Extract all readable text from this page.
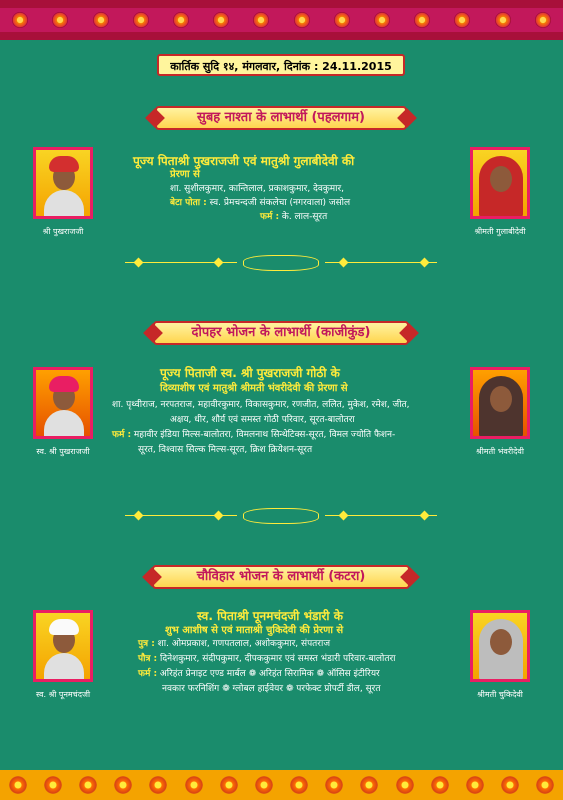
कार्तिक सुदि १४, मंगलवार, दिनांक : 24.11.2015
सुबह नाश्ता के लाभार्थी (पहलगाम)
श्री पुखराजजी	श्रीमती गुलाबीदेवी
पूज्य पिताश्री पुखराजजी एवं मातुश्री गुलाबीदेवी की
प्रेरणा से
शा. सुशीलकुमार, कान्तिलाल, प्रकाशकुमार, देवकुमार,
बेटा पोता : स्व. प्रेमचन्दजी संकलेचा (नगरवाला) जसोल
फर्म : के. लाल-सूरत
दोपहर भोजन के लाभार्थी (काजीकुंड)
स्व. श्री पुखराजजी	श्रीमती भंवरीदेवी
पूज्य पिताजी स्व. श्री पुखराजजी गोठी के
दिव्याशीष एवं मातुश्री श्रीमती भंवरीदेवी की प्रेरणा से
शा. पृथ्वीराज, नरपतराज, महावीरकुमार, विकासकुमार, रणजीत, ललित, मुकेश, रमेश, जीत,
अक्षय, धीर, शौर्य एवं समस्त गोठी परिवार, सूरत-बालोतरा
फर्म : महावीर इंडिया मिल्स-बालोतरा, विमलनाथ सिन्थेटिक्स-सूरत, विमल ज्योति फैशन-
सूरत, विश्वास सिल्क मिल्स-सूरत, क्रिश क्रियेशन-सूरत
चौविहार भोजन के लाभार्थी (कटरा)
स्व. श्री पूनमचंदजी	श्रीमती चुकिदेवी
स्व. पिताश्री पूनमचंदजी भंडारी के
शुभ आशीष से एवं माताश्री चुकिदेवी की प्रेरणा से
पुत्र : शा. ओमप्रकाश, गणपतलाल, अशोककुमार, संपतराज
पौत्र : दिनेशकुमार, संदीपकुमार, दीपककुमार एवं समस्त भंडारी परिवार-बालोतरा
फर्म : अरिहंत प्रेनाइट एण्ड मार्बल ❁ अरिहंत सिरामिक ❁ ऑसिस इंटीरियर
नवकार फरनिशिंग ❁ ग्लोबल हाईवेयर ❁ परफेक्ट प्रोपर्टी डील, सूरत
